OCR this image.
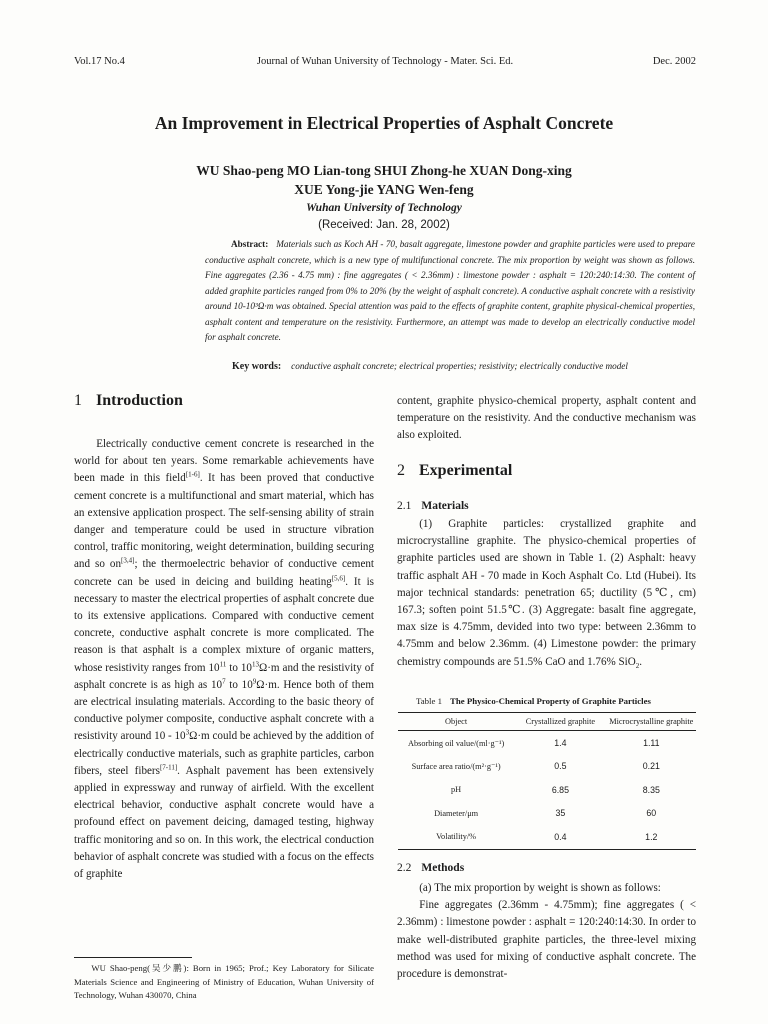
Vol.17 No.4	Journal of Wuhan University of Technology - Mater. Sci. Ed.	Dec. 2002
An Improvement in Electrical Properties of Asphalt Concrete
WU Shao-peng MO Lian-tong SHUI Zhong-he XUAN Dong-xing
XUE Yong-jie YANG Wen-feng
Wuhan University of Technology
(Received: Jan. 28, 2002)

Abstract: Materials such as Koch AH - 70, basalt aggregate, limestone powder and graphite particles were used to prepare conductive asphalt concrete, which is a new type of multifunctional concrete. The mix proportion by weight was shown as follows. Fine aggregates (2.36 - 4.75 mm) : fine aggregates ( < 2.36mm) : limestone powder : asphalt = 120:240:14:30. The content of added graphite particles ranged from 0% to 20% (by the weight of asphalt concrete). A conductive asphalt concrete with a resistivity around 10-10³Ω·m was obtained. Special attention was paid to the effects of graphite content, graphite physical-chemical properties, asphalt content and temperature on the resistivity. Furthermore, an attempt was made to develop an electrically conductive model for asphalt concrete.

Key words: conductive asphalt concrete; electrical properties; resistivity; electrically conductive model
1 Introduction

Electrically conductive cement concrete is researched in the world for about ten years. Some remarkable achievements have been made in this field[1-6]. It has been proved that conductive cement concrete is a multifunctional and smart material, which has an extensive application prospect. The self-sensing ability of strain danger and temperature could be used in structure vibration control, traffic monitoring, weight determination, building securing and so on[3,4]; the thermoelectric behavior of conductive cement concrete can be used in deicing and building heating[5,6]. It is necessary to master the electrical properties of asphalt concrete due to its extensive applications. Compared with conductive cement concrete, conductive asphalt concrete is more complicated. The reason is that asphalt is a complex mixture of organic matters, whose resistivity ranges from $10^{11}$ to $10^{13}\Omega\cdot m$ and the resistivity of asphalt concrete is as high as $10^7$ to $10^9\Omega\cdot m$. Hence both of them are electrical insulating materials. According to the basic theory of conductive polymer composite, conductive asphalt concrete with a resistivity around $10 - 10^3\Omega\cdot m$ could be achieved by the addition of electrically conductive materials, such as graphite particles, carbon fibers, steel fibers[7-11]. Asphalt pavement has been extensively applied in expressway and runway of airfield. With the excellent electrical behavior, conductive asphalt concrete would have a profound effect on pavement deicing, damaged testing, highway traffic monitoring and so on. In this work, the electrical conduction behavior of asphalt concrete was studied with a focus on the effects of graphite

WU Shao-peng(吴少鹏): Born in 1965; Prof.; Key Laboratory for Silicate Materials Science and Engineering of Ministry of Education, Wuhan University of Technology, Wuhan 430070, China

content, graphite physico-chemical property, asphalt content and temperature on the resistivity. And the conductive mechanism was also exploited.

2 Experimental
2.1 Materials

(1) Graphite particles: crystallized graphite and microcrystalline graphite. The physico-chemical properties of graphite particles used are shown in Table 1. (2) Asphalt: heavy traffic asphalt AH - 70 made in Koch Asphalt Co. Ltd (Hubei). Its major technical standards: penetration 65; ductility (5℃, cm) 167.3; soften point 51.5℃. (3) Aggregate: basalt fine aggregate, max size is 4.75mm, devided into two type: between 2.36mm to 4.75mm and below 2.36mm. (4) Limestone powder: the primary chemistry compounds are 51.5% CaO and 1.76% SiO$_2$.

Table 1 The Physico-Chemical Property of Graphite Particles
Object	Crystallized graphite	Microcrystalline graphite
Absorbing oil value/(ml·g⁻¹)	1.4	1.11
Surface area ratio/(m²·g⁻¹)	0.5	0.21
pH	6.85	8.35
Diameter/μm	35	60
Volatility/%	0.4	1.2
2.2 Methods

(a) The mix proportion by weight is shown as follows:

Fine aggregates (2.36mm - 4.75mm); fine aggregates ( < 2.36mm) : limestone powder : asphalt = 120:240:14:30. In order to make well-distributed graphite particles, the three-level mixing method was used for mixing of conductive asphalt concrete. The procedure is demonstrat-
